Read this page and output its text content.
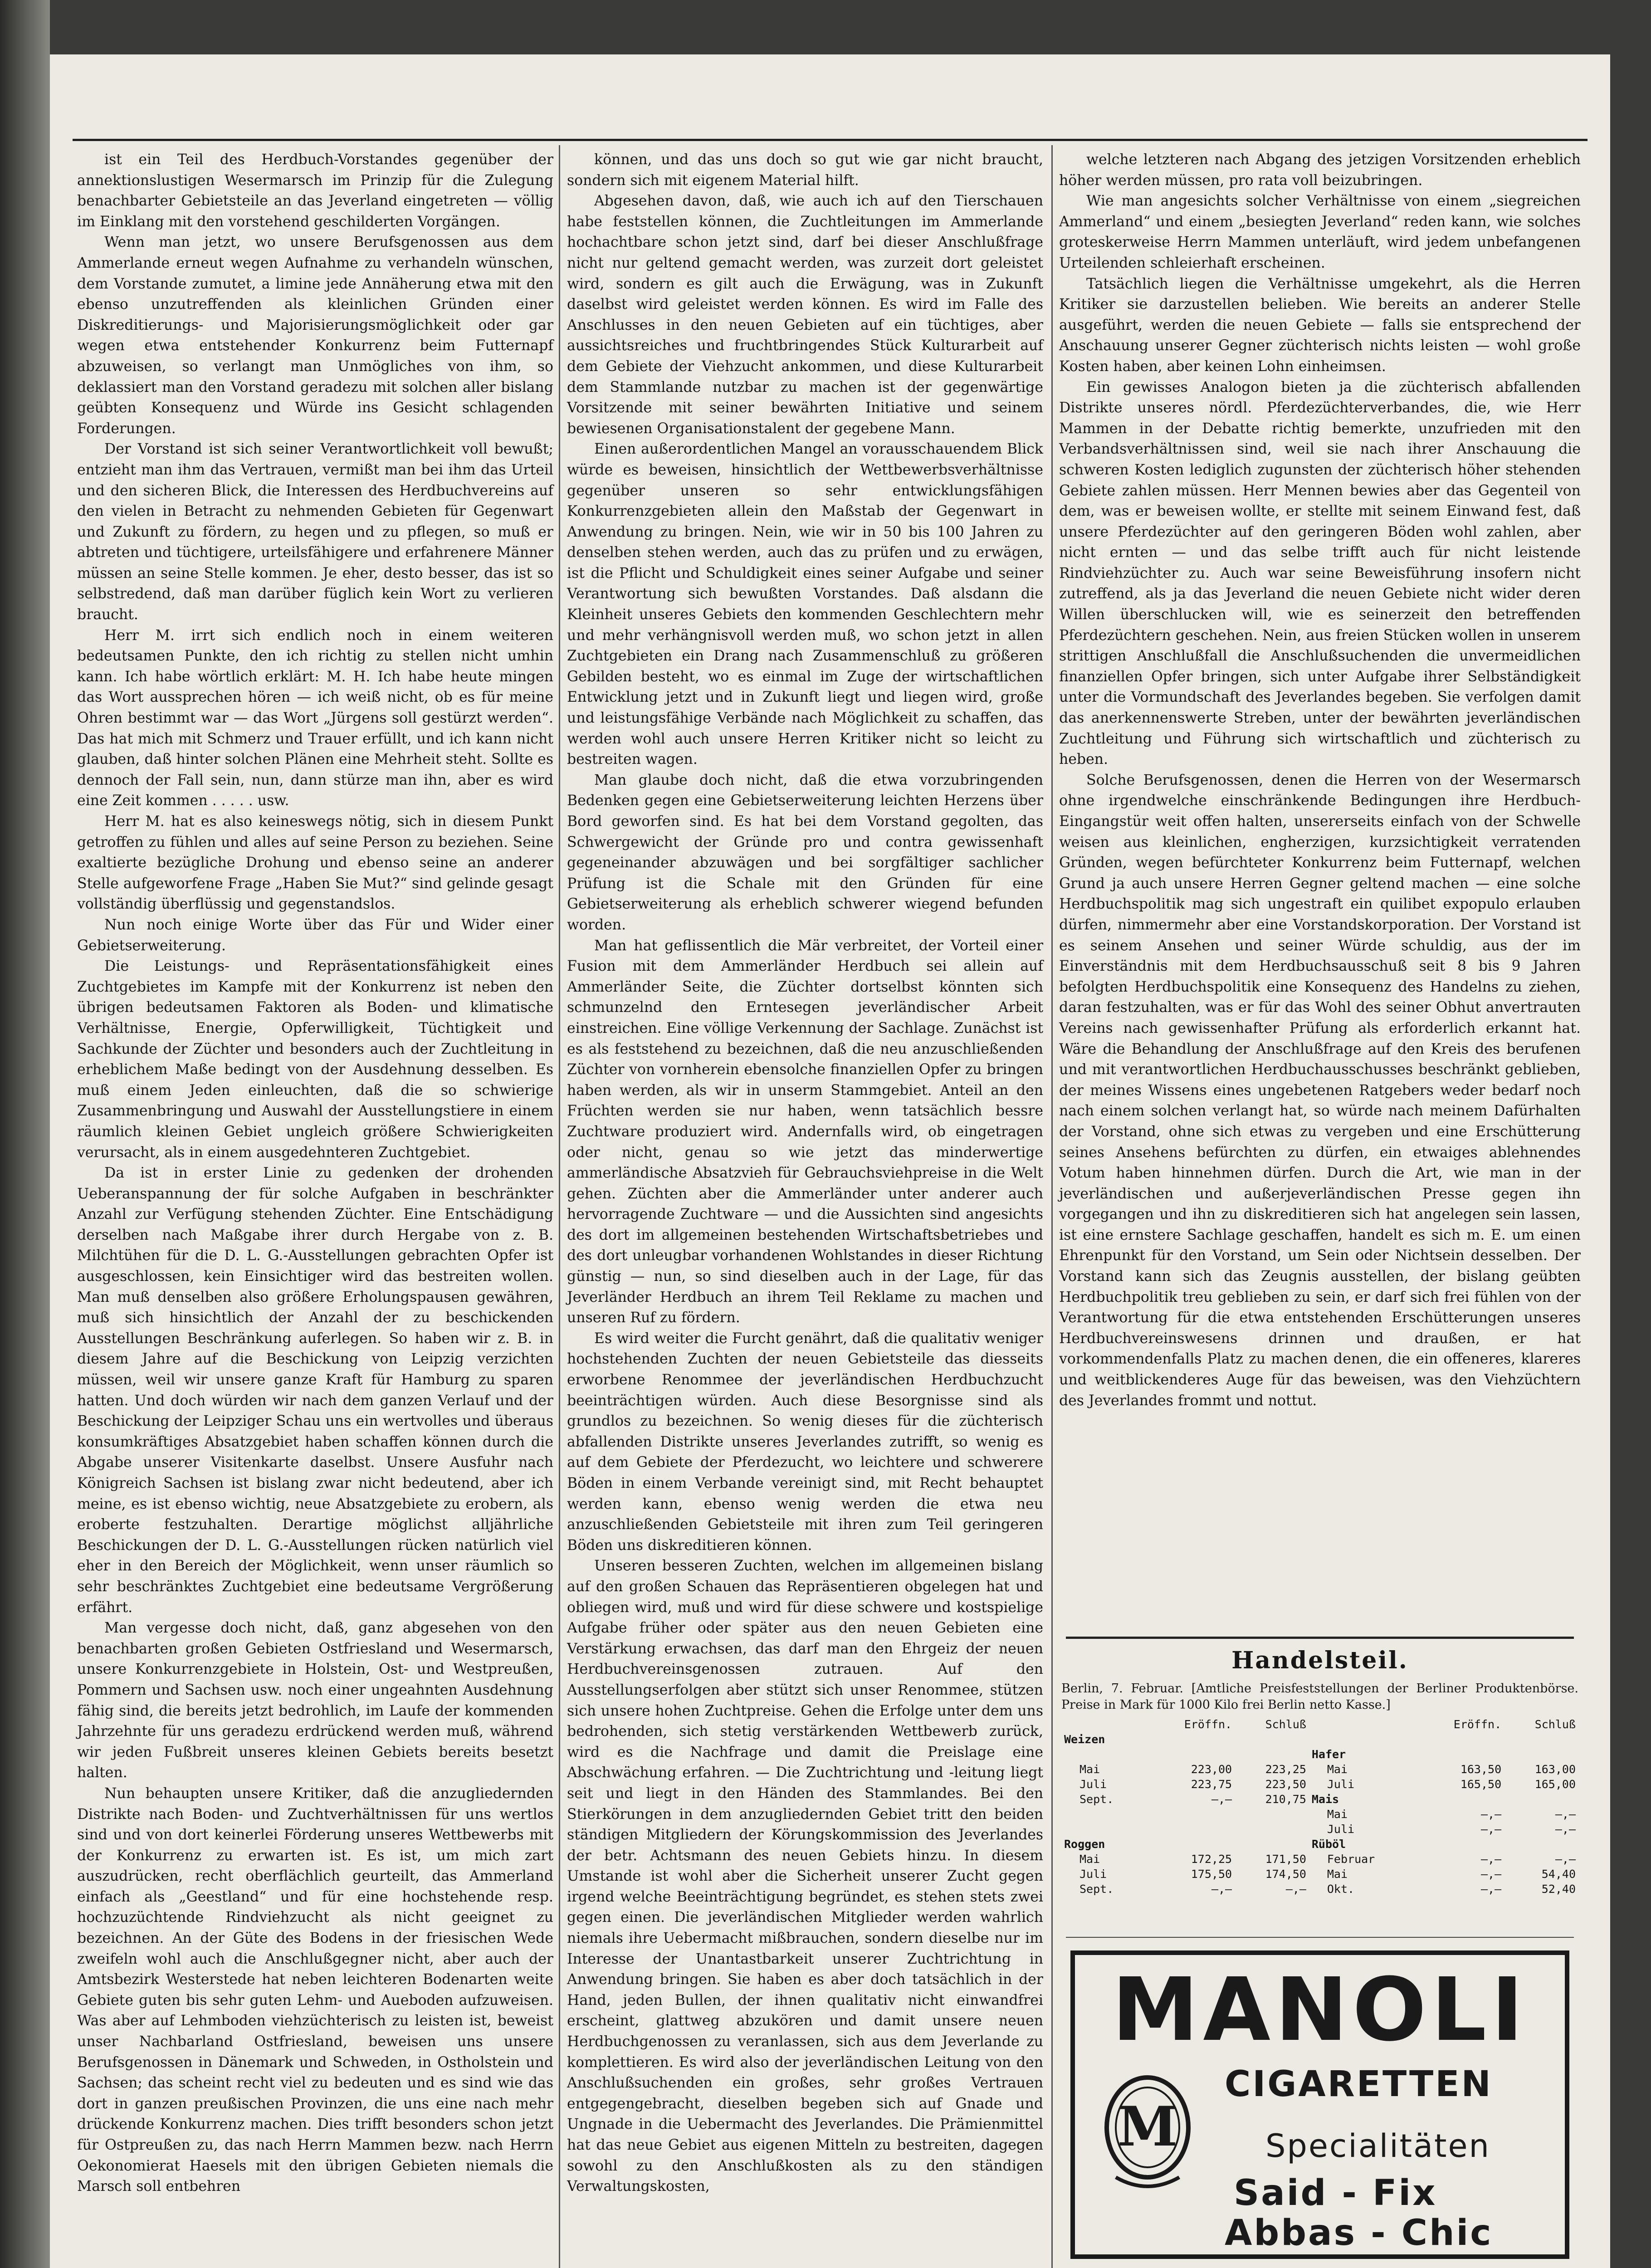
ist ein Teil des Herdbuch-Vorstandes gegenüber der annektionslustigen Wesermarsch im Prinzip für die Zulegung benachbarter Gebietsteile an das Jeverland eingetreten — völlig im Einklang mit den vorstehend geschilderten Vorgängen.

Wenn man jetzt, wo unsere Berufsgenossen aus dem Ammerlande erneut wegen Aufnahme zu verhandeln wünschen, dem Vorstande zumutet, a limine jede Annäherung etwa mit den ebenso unzutreffenden als kleinlichen Gründen einer Diskreditierungs- und Majorisierungsmöglichkeit oder gar wegen etwa entstehender Konkurrenz beim Futternapf abzuweisen, so verlangt man Unmögliches von ihm, so deklassiert man den Vorstand geradezu mit solchen aller bislang geübten Konsequenz und Würde ins Gesicht schlagenden Forderungen.

Der Vorstand ist sich seiner Verantwortlichkeit voll bewußt; entzieht man ihm das Vertrauen, vermißt man bei ihm das Urteil und den sicheren Blick, die Interessen des Herdbuchvereins auf den vielen in Betracht zu nehmenden Gebieten für Gegenwart und Zukunft zu fördern, zu hegen und zu pflegen, so muß er abtreten und tüchtigere, urteilsfähigere und erfahrenere Männer müssen an seine Stelle kommen. Je eher, desto besser, das ist so selbstredend, daß man darüber füglich kein Wort zu verlieren braucht.

Herr M. irrt sich endlich noch in einem weiteren bedeutsamen Punkte, den ich richtig zu stellen nicht umhin kann. Ich habe wörtlich erklärt: M. H. Ich habe heute mingen das Wort aussprechen hören — ich weiß nicht, ob es für meine Ohren bestimmt war — das Wort „Jürgens soll gestürzt werden“. Das hat mich mit Schmerz und Trauer erfüllt, und ich kann nicht glauben, daß hinter solchen Plänen eine Mehrheit steht. Sollte es dennoch der Fall sein, nun, dann stürze man ihn, aber es wird eine Zeit kommen . . . . . usw.

Herr M. hat es also keineswegs nötig, sich in diesem Punkt getroffen zu fühlen und alles auf seine Person zu beziehen. Seine exaltierte bezügliche Drohung und ebenso seine an anderer Stelle aufgeworfene Frage „Haben Sie Mut?“ sind gelinde gesagt vollständig überflüssig und gegenstandslos.

Nun noch einige Worte über das Für und Wider einer Gebietserweiterung.

Die Leistungs- und Repräsentationsfähigkeit eines Zuchtgebietes im Kampfe mit der Konkurrenz ist neben den übrigen bedeutsamen Faktoren als Boden- und klimatische Verhältnisse, Energie, Opferwilligkeit, Tüchtigkeit und Sachkunde der Züchter und besonders auch der Zuchtleitung in erheblichem Maße bedingt von der Ausdehnung desselben. Es muß einem Jeden einleuchten, daß die so schwierige Zusammenbringung und Auswahl der Ausstellungstiere in einem räumlich kleinen Gebiet ungleich größere Schwierigkeiten verursacht, als in einem ausgedehnteren Zuchtgebiet.

Da ist in erster Linie zu gedenken der drohenden Ueberanspannung der für solche Aufgaben in beschränkter Anzahl zur Verfügung stehenden Züchter. Eine Entschädigung derselben nach Maßgabe ihrer durch Hergabe von z. B. Milchtühen für die D. L. G.-Ausstellungen gebrachten Opfer ist ausgeschlossen, kein Einsichtiger wird das bestreiten wollen. Man muß denselben also größere Erholungspausen gewähren, muß sich hinsichtlich der Anzahl der zu beschickenden Ausstellungen Beschränkung auferlegen. So haben wir z. B. in diesem Jahre auf die Beschickung von Leipzig verzichten müssen, weil wir unsere ganze Kraft für Hamburg zu sparen hatten. Und doch würden wir nach dem ganzen Verlauf und der Beschickung der Leipziger Schau uns ein wertvolles und überaus konsumkräftiges Absatzgebiet haben schaffen können durch die Abgabe unserer Visitenkarte daselbst. Unsere Ausfuhr nach Königreich Sachsen ist bislang zwar nicht bedeutend, aber ich meine, es ist ebenso wichtig, neue Absatzgebiete zu erobern, als eroberte festzuhalten. Derartige möglichst alljährliche Beschickungen der D. L. G.-Ausstellungen rücken natürlich viel eher in den Bereich der Möglichkeit, wenn unser räumlich so sehr beschränktes Zuchtgebiet eine bedeutsame Vergrößerung erfährt.

Man vergesse doch nicht, daß, ganz abgesehen von den benachbarten großen Gebieten Ostfriesland und Wesermarsch, unsere Konkurrenzgebiete in Holstein, Ost- und Westpreußen, Pommern und Sachsen usw. noch einer ungeahnten Ausdehnung fähig sind, die bereits jetzt bedrohlich, im Laufe der kommenden Jahrzehnte für uns geradezu erdrückend werden muß, während wir jeden Fußbreit unseres kleinen Gebiets bereits besetzt halten.

Nun behaupten unsere Kritiker, daß die anzugliedernden Distrikte nach Boden- und Zuchtverhältnissen für uns wertlos sind und von dort keinerlei Förderung unseres Wettbewerbs mit der Konkurrenz zu erwarten ist. Es ist, um mich zart auszudrücken, recht oberflächlich geurteilt, das Ammerland einfach als „Geestland“ und für eine hochstehende resp. hochzuzüchtende Rindviehzucht als nicht geeignet zu bezeichnen. An der Güte des Bodens in der friesischen Wede zweifeln wohl auch die Anschlußgegner nicht, aber auch der Amtsbezirk Westerstede hat neben leichteren Bodenarten weite Gebiete guten bis sehr guten Lehm- und Aueboden aufzuweisen. Was aber auf Lehmboden viehzüchterisch zu leisten ist, beweist unser Nachbarland Ostfriesland, beweisen uns unsere Berufsgenossen in Dänemark und Schweden, in Ostholstein und Sachsen; das scheint recht viel zu bedeuten und es sind wie das dort in ganzen preußischen Provinzen, die uns eine nach mehr drückende Konkurrenz machen. Dies trifft besonders schon jetzt für Ostpreußen zu, das nach Herrn Mammen bezw. nach Herrn Oekonomierat Haesels mit den übrigen Gebieten niemals die Marsch soll entbehren

können, und das uns doch so gut wie gar nicht braucht, sondern sich mit eigenem Material hilft.

Abgesehen davon, daß, wie auch ich auf den Tierschauen habe feststellen können, die Zuchtleitungen im Ammerlande hochachtbare schon jetzt sind, darf bei dieser Anschlußfrage nicht nur geltend gemacht werden, was zurzeit dort geleistet wird, sondern es gilt auch die Erwägung, was in Zukunft daselbst wird geleistet werden können. Es wird im Falle des Anschlusses in den neuen Gebieten auf ein tüchtiges, aber aussichtsreiches und fruchtbringendes Stück Kulturarbeit auf dem Gebiete der Viehzucht ankommen, und diese Kulturarbeit dem Stammlande nutzbar zu machen ist der gegenwärtige Vorsitzende mit seiner bewährten Initiative und seinem bewiesenen Organisationstalent der gegebene Mann.

Einen außerordentlichen Mangel an vorausschauendem Blick würde es beweisen, hinsichtlich der Wettbewerbsverhältnisse gegenüber unseren so sehr entwicklungsfähigen Konkurrenzgebieten allein den Maßstab der Gegenwart in Anwendung zu bringen. Nein, wie wir in 50 bis 100 Jahren zu denselben stehen werden, auch das zu prüfen und zu erwägen, ist die Pflicht und Schuldigkeit eines seiner Aufgabe und seiner Verantwortung sich bewußten Vorstandes. Daß alsdann die Kleinheit unseres Gebiets den kommenden Geschlechtern mehr und mehr verhängnisvoll werden muß, wo schon jetzt in allen Zuchtgebieten ein Drang nach Zusammenschluß zu größeren Gebilden besteht, wo es einmal im Zuge der wirtschaftlichen Entwicklung jetzt und in Zukunft liegt und liegen wird, große und leistungsfähige Verbände nach Möglichkeit zu schaffen, das werden wohl auch unsere Herren Kritiker nicht so leicht zu bestreiten wagen.

Man glaube doch nicht, daß die etwa vorzubringenden Bedenken gegen eine Gebietserweiterung leichten Herzens über Bord geworfen sind. Es hat bei dem Vorstand gegolten, das Schwergewicht der Gründe pro und contra gewissenhaft gegeneinander abzuwägen und bei sorgfältiger sachlicher Prüfung ist die Schale mit den Gründen für eine Gebietserweiterung als erheblich schwerer wiegend befunden worden.

Man hat geflissentlich die Mär verbreitet, der Vorteil einer Fusion mit dem Ammerländer Herdbuch sei allein auf Ammerländer Seite, die Züchter dortselbst könnten sich schmunzelnd den Erntesegen jeverländischer Arbeit einstreichen. Eine völlige Verkennung der Sachlage. Zunächst ist es als feststehend zu bezeichnen, daß die neu anzuschließenden Züchter von vornherein ebensolche finanziellen Opfer zu bringen haben werden, als wir in unserm Stammgebiet. Anteil an den Früchten werden sie nur haben, wenn tatsächlich bessre Zuchtware produziert wird. Andernfalls wird, ob eingetragen oder nicht, genau so wie jetzt das minderwertige ammerländische Absatzvieh für Gebrauchsviehpreise in die Welt gehen. Züchten aber die Ammerländer unter anderer auch hervorragende Zuchtware — und die Aussichten sind angesichts des dort im allgemeinen bestehenden Wirtschaftsbetriebes und des dort unleugbar vorhandenen Wohlstandes in dieser Richtung günstig — nun, so sind dieselben auch in der Lage, für das Jeverländer Herdbuch an ihrem Teil Reklame zu machen und unseren Ruf zu fördern.

Es wird weiter die Furcht genährt, daß die qualitativ weniger hochstehenden Zuchten der neuen Gebietsteile das diesseits erworbene Renommee der jeverländischen Herdbuchzucht beeinträchtigen würden. Auch diese Besorgnisse sind als grundlos zu bezeichnen. So wenig dieses für die züchterisch abfallenden Distrikte unseres Jeverlandes zutrifft, so wenig es auf dem Gebiete der Pferdezucht, wo leichtere und schwerere Böden in einem Verbande vereinigt sind, mit Recht behauptet werden kann, ebenso wenig werden die etwa neu anzuschließenden Gebietsteile mit ihren zum Teil geringeren Böden uns diskreditieren können.

Unseren besseren Zuchten, welchen im allgemeinen bislang auf den großen Schauen das Repräsentieren obgelegen hat und obliegen wird, muß und wird für diese schwere und kostspielige Aufgabe früher oder später aus den neuen Gebieten eine Verstärkung erwachsen, das darf man den Ehrgeiz der neuen Herdbuchvereinsgenossen zutrauen. Auf den Ausstellungserfolgen aber stützt sich unser Renommee, stützen sich unsere hohen Zuchtpreise. Gehen die Erfolge unter dem uns bedrohenden, sich stetig verstärkenden Wettbewerb zurück, wird es die Nachfrage und damit die Preislage eine Abschwächung erfahren. — Die Zuchtrichtung und -leitung liegt seit und liegt in den Händen des Stammlandes. Bei den Stierkörungen in dem anzugliedernden Gebiet tritt den beiden ständigen Mitgliedern der Körungskommission des Jeverlandes der betr. Achtsmann des neuen Gebiets hinzu. In diesem Umstande ist wohl aber die Sicherheit unserer Zucht gegen irgend welche Beeinträchtigung begründet, es stehen stets zwei gegen einen. Die jeverländischen Mitglieder werden wahrlich niemals ihre Uebermacht mißbrauchen, sondern dieselbe nur im Interesse der Unantastbarkeit unserer Zuchtrichtung in Anwendung bringen. Sie haben es aber doch tatsächlich in der Hand, jeden Bullen, der ihnen qualitativ nicht einwandfrei erscheint, glattweg abzukören und damit unsere neuen Herdbuchgenossen zu veranlassen, sich aus dem Jeverlande zu komplettieren. Es wird also der jeverländischen Leitung von den Anschlußsuchenden ein großes, sehr großes Vertrauen entgegengebracht, dieselben begeben sich auf Gnade und Ungnade in die Uebermacht des Jeverlandes. Die Prämienmittel hat das neue Gebiet aus eigenen Mitteln zu bestreiten, dagegen sowohl zu den Anschlußkosten als zu den ständigen Verwaltungskosten,

welche letzteren nach Abgang des jetzigen Vorsitzenden erheblich höher werden müssen, pro rata voll beizubringen.

Wie man angesichts solcher Verhältnisse von einem „siegreichen Ammerland“ und einem „besiegten Jeverland“ reden kann, wie solches groteskerweise Herrn Mammen unterläuft, wird jedem unbefangenen Urteilenden schleierhaft erscheinen.

Tatsächlich liegen die Verhältnisse umgekehrt, als die Herren Kritiker sie darzustellen belieben. Wie bereits an anderer Stelle ausgeführt, werden die neuen Gebiete — falls sie entsprechend der Anschauung unserer Gegner züchterisch nichts leisten — wohl große Kosten haben, aber keinen Lohn einheimsen.

Ein gewisses Analogon bieten ja die züchterisch abfallenden Distrikte unseres nördl. Pferdezüchterverbandes, die, wie Herr Mammen in der Debatte richtig bemerkte, unzufrieden mit den Verbandsverhältnissen sind, weil sie nach ihrer Anschauung die schweren Kosten lediglich zugunsten der züchterisch höher stehenden Gebiete zahlen müssen. Herr Mennen bewies aber das Gegenteil von dem, was er beweisen wollte, er stellte mit seinem Einwand fest, daß unsere Pferdezüchter auf den geringeren Böden wohl zahlen, aber nicht ernten — und das selbe trifft auch für nicht leistende Rindviehzüchter zu. Auch war seine Beweisführung insofern nicht zutreffend, als ja das Jeverland die neuen Gebiete nicht wider deren Willen überschlucken will, wie es seinerzeit den betreffenden Pferdezüchtern geschehen. Nein, aus freien Stücken wollen in unserem strittigen Anschlußfall die Anschlußsuchenden die unvermeidlichen finanziellen Opfer bringen, sich unter Aufgabe ihrer Selbständigkeit unter die Vormundschaft des Jeverlandes begeben. Sie verfolgen damit das anerkennenswerte Streben, unter der bewährten jeverländischen Zuchtleitung und Führung sich wirtschaftlich und züchterisch zu heben.

Solche Berufsgenossen, denen die Herren von der Wesermarsch ohne irgendwelche einschränkende Bedingungen ihre Herdbuch-Eingangstür weit offen halten, unsererseits einfach von der Schwelle weisen aus kleinlichen, engherzigen, kurzsichtigkeit verratenden Gründen, wegen befürchteter Konkurrenz beim Futternapf, welchen Grund ja auch unsere Herren Gegner geltend machen — eine solche Herdbuchspolitik mag sich ungestraft ein quilibet expopulo erlauben dürfen, nimmermehr aber eine Vorstandskorporation. Der Vorstand ist es seinem Ansehen und seiner Würde schuldig, aus der im Einverständnis mit dem Herdbuchsausschuß seit 8 bis 9 Jahren befolgten Herdbuchspolitik eine Konsequenz des Handelns zu ziehen, daran festzuhalten, was er für das Wohl des seiner Obhut anvertrauten Vereins nach gewissenhafter Prüfung als erforderlich erkannt hat. Wäre die Behandlung der Anschlußfrage auf den Kreis des berufenen und mit verantwortlichen Herdbuchausschusses beschränkt geblieben, der meines Wissens eines ungebetenen Ratgebers weder bedarf noch nach einem solchen verlangt hat, so würde nach meinem Dafürhalten der Vorstand, ohne sich etwas zu vergeben und eine Erschütterung seines Ansehens befürchten zu dürfen, ein etwaiges ablehnendes Votum haben hinnehmen dürfen. Durch die Art, wie man in der jeverländischen und außerjeverländischen Presse gegen ihn vorgegangen und ihn zu diskreditieren sich hat angelegen sein lassen, ist eine ernstere Sachlage geschaffen, handelt es sich m. E. um einen Ehrenpunkt für den Vorstand, um Sein oder Nichtsein desselben. Der Vorstand kann sich das Zeugnis ausstellen, der bislang geübten Herdbuchpolitik treu geblieben zu sein, er darf sich frei fühlen von der Verantwortung für die etwa entstehenden Erschütterungen unseres Herdbuchvereinswesens drinnen und draußen, er hat vorkommendenfalls Platz zu machen denen, die ein offeneres, klareres und weitblickenderes Auge für das beweisen, was den Viehzüchtern des Jeverlandes frommt und nottut.

Handelsteil.
Berlin, 7. Februar. [Amtliche Preisfeststellungen der Berliner Produktenbörse. Preise in Mark für 1000 Kilo frei Berlin netto Kasse.]
	Eröffn.	Schluß		Eröffn.	Schluß
Weizen					
			Hafer		
Mai	223,00	223,25	Mai	163,50	163,00
Juli	223,75	223,50	Juli	165,50	165,00
Sept.	—,—	210,75	Mais		
			Mai	—,—	—,—
			Juli	—,—	—,—
Roggen			Rüböl		
Mai	172,25	171,50	Februar	—,—	—,—
Juli	175,50	174,50	Mai	—,—	54,40
Sept.	—,—	—,—	Okt.	—,—	52,40
MANOLI
M
CIGARETTEN
Specialitäten
Said - Fix
Abbas - Chic
